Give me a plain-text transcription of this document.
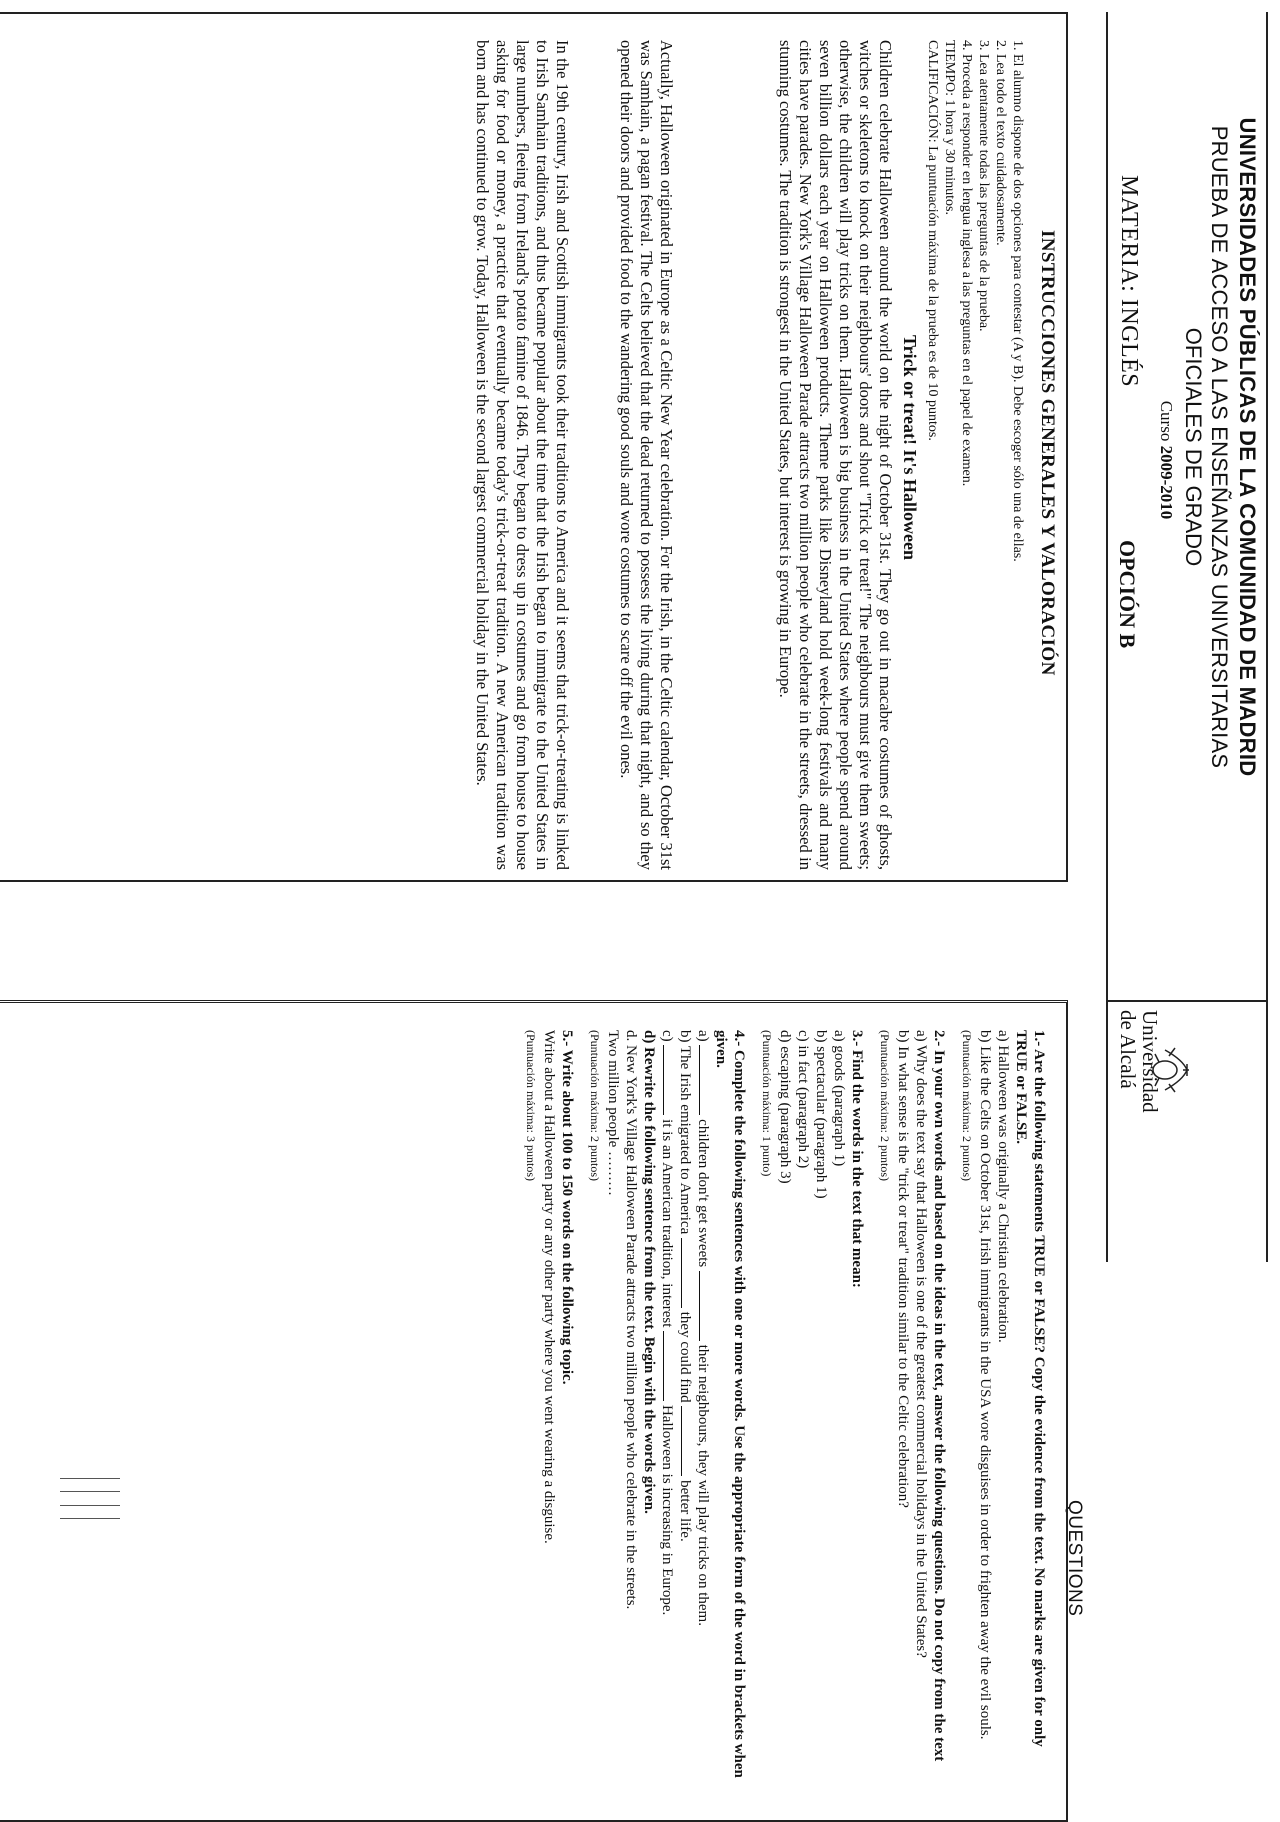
UNIVERSIDADES PÚBLICAS DE LA COMUNIDAD DE MADRID
PRUEBA DE ACCESO A LAS ENSEÑANZAS UNIVERSITARIAS
OFICIALES DE GRADO
Curso 2009-2010
MATERIA: INGLÉS
OPCIÓN B
Universidad
de Alcalá
QUESTIONS
INSTRUCCIONES GENERALES Y VALORACIÓN
1. El alumno dispone de dos opciones para contestar (A y B). Debe escoger sólo una de ellas.
2. Lea todo el texto cuidadosamente.
3. Lea atentamente todas las preguntas de la prueba.
4. Proceda a responder en lengua inglesa a las preguntas en el papel de examen.
TIEMPO: 1 hora y 30 minutos.
CALIFICACIÓN: La puntuación máxima de la prueba es de 10 puntos.
Trick or treat! It's Halloween
Children celebrate Halloween around the world on the night of October 31st. They go out in macabre costumes of ghosts, witches or skeletons to knock on their neighbours' doors and shout "Trick or treat!" The neighbours must give them sweets; otherwise, the children will play tricks on them. Halloween is big business in the United States where people spend around seven billion dollars each year on Halloween products. Theme parks like Disneyland hold week-long festivals and many cities have parades. New York's Village Halloween Parade attracts two million people who celebrate in the streets, dressed in stunning costumes. The tradition is strongest in the United States, but interest is growing in Europe.
Actually, Halloween originated in Europe as a Celtic New Year celebration. For the Irish, in the Celtic calendar, October 31st was Samhain, a pagan festival. The Celts believed that the dead returned to possess the living during that night, and so they opened their doors and provided food to the wandering good souls and wore costumes to scare off the evil ones.
In the 19th century, Irish and Scottish immigrants took their traditions to America and it seems that trick-or-treating is linked to Irish Samhain traditions, and thus became popular about the time that the Irish began to immigrate to the United States in large numbers, fleeing from Ireland's potato famine of 1846. They began to dress up in costumes and go from house to house asking for food or money, a practice that eventually became today's trick-or-treat tradition. A new American tradition was born and has continued to grow. Today, Halloween is the second largest commercial holiday in the United States.
1.- Are the following statements TRUE or FALSE? Copy the evidence from the text. No marks are given for only TRUE or FALSE.
a) Halloween was originally a Christian celebration.
b) Like the Celts on October 31st, Irish immigrants in the USA wore disguises in order to frighten away the evil souls.
(Puntuación máxima: 2 puntos)
2.- In your own words and based on the ideas in the text, answer the following questions. Do not copy from the text
a) Why does the text say that Halloween is one of the greatest commercial holidays in the United States?
b) In what sense is the "trick or treat" tradition similar to the Celtic celebration?
(Puntuación máxima: 2 puntos)
3.- Find the words in the text that mean:
a) goods (paragraph 1)
b) spectacular (paragraph 1)
c) in fact (paragraph 2)
d) escaping (paragraph 3)
(Puntuación máxima: 1 punto)
4.- Complete the following sentences with one or more words. Use the appropriate form of the word in brackets when given.
a)  children don't get sweets  their neighbours, they will play tricks on them.
b) The Irish emigrated to America  they could find  better life.
c)  it is an American tradition, interest  Halloween is increasing in Europe.
d) Rewrite the following sentence from the text. Begin with the words given.
d. New York's Village Halloween Parade attracts two million people who celebrate in the streets.
Two million people ………
(Puntuación máxima: 2 puntos)
5.- Write about 100 to 150 words on the following topic.
Write about a Halloween party or any other party where you went wearing a disguise.
(Puntuación máxima: 3 puntos)
